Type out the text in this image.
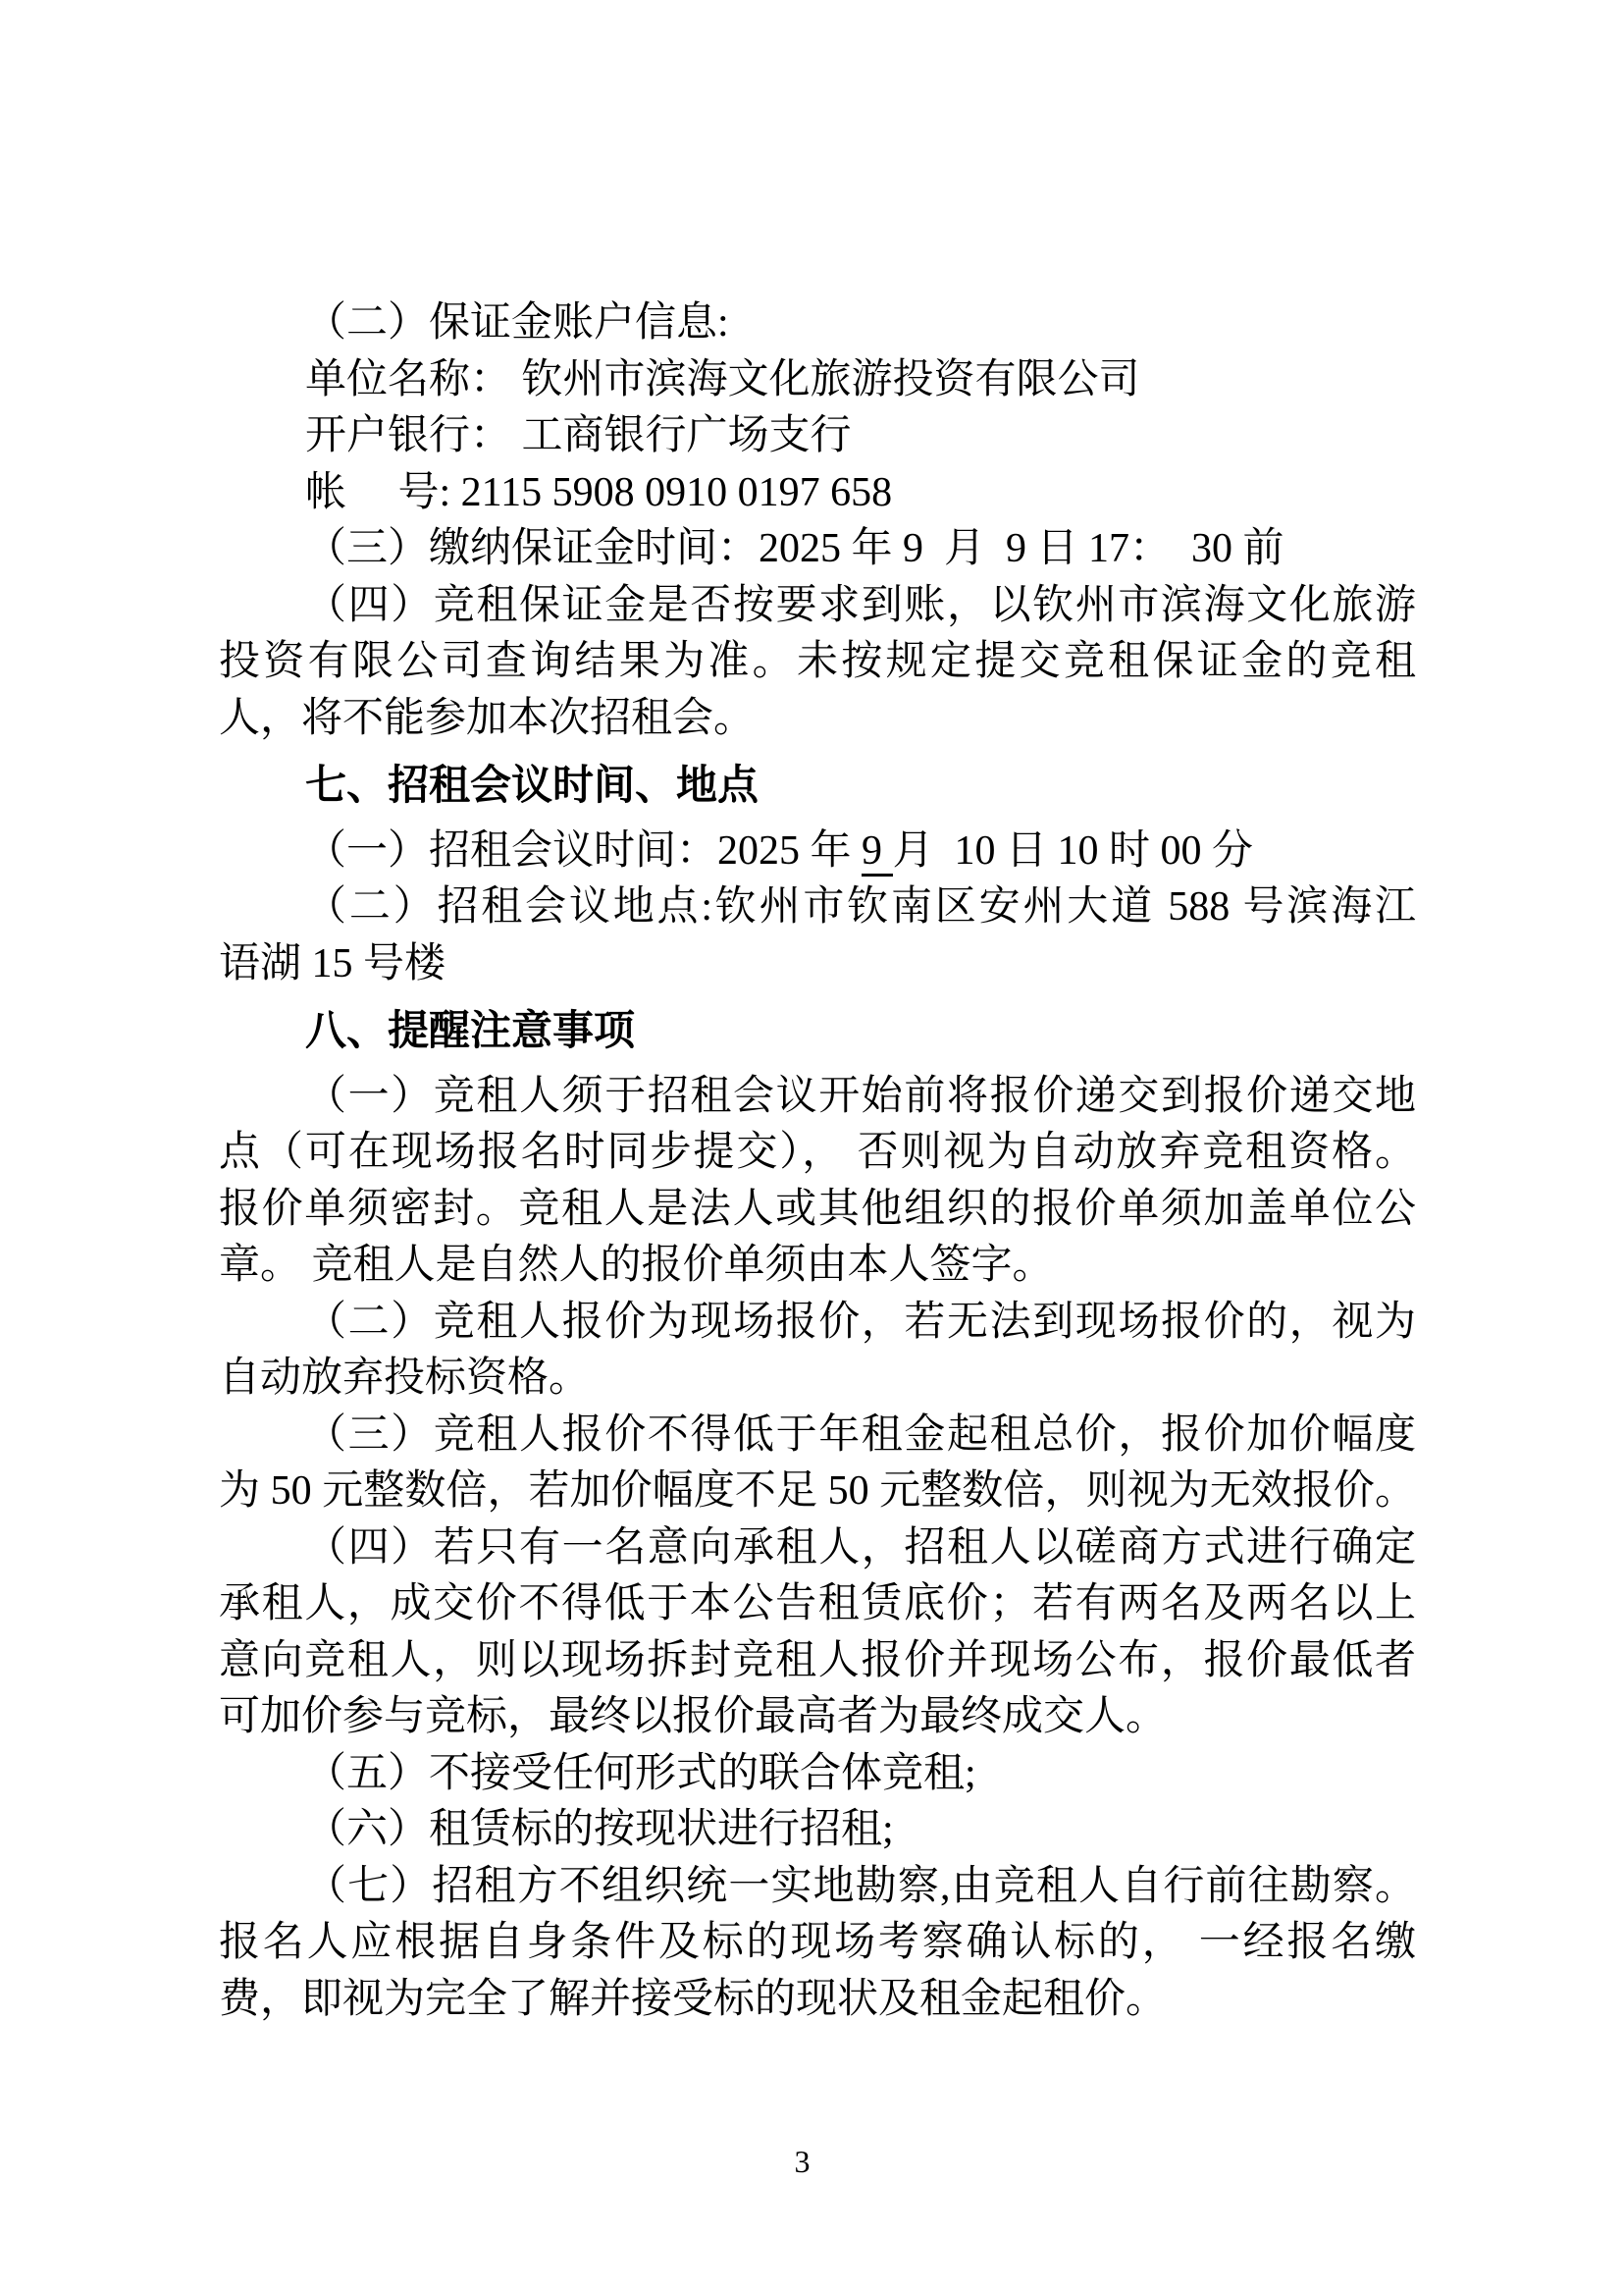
（二）保证金账户信息:
单位名称： 钦州市滨海文化旅游投资有限公司
开户银行： 工商银行广场支行
帐　 号: 2115 5908 0910 0197 658
（三）缴纳保证金时间：2025 年 9  月  9 日 17：  30 前
（四）竞租保证金是否按要求到账，以钦州市滨海文化旅游
投资有限公司查询结果为准。未按规定提交竞租保证金的竞租
人，将不能参加本次招租会。
七、招租会议时间、地点
（一）招租会议时间：2025 年 9 月  10 日 10 时 00 分
（二）招租会议地点:钦州市钦南区安州大道 588 号滨海江
语湖 15 号楼
八、提醒注意事项
（一）竞租人须于招租会议开始前将报价递交到报价递交地
点（可在现场报名时同步提交）， 否则视为自动放弃竞租资格。
报价单须密封。竞租人是法人或其他组织的报价单须加盖单位公
章。 竞租人是自然人的报价单须由本人签字。
（二）竞租人报价为现场报价，若无法到现场报价的，视为
自动放弃投标资格。
（三）竞租人报价不得低于年租金起租总价，报价加价幅度
为 50 元整数倍，若加价幅度不足 50 元整数倍，则视为无效报价。
（四）若只有一名意向承租人，招租人以磋商方式进行确定
承租人，成交价不得低于本公告租赁底价；若有两名及两名以上
意向竞租人，则以现场拆封竞租人报价并现场公布，报价最低者
可加价参与竞标，最终以报价最高者为最终成交人。
（五）不接受任何形式的联合体竞租;
（六）租赁标的按现状进行招租;
（七）招租方不组织统一实地勘察,由竞租人自行前往勘察。
报名人应根据自身条件及标的现场考察确认标的， 一经报名缴
费，即视为完全了解并接受标的现状及租金起租价。
3
